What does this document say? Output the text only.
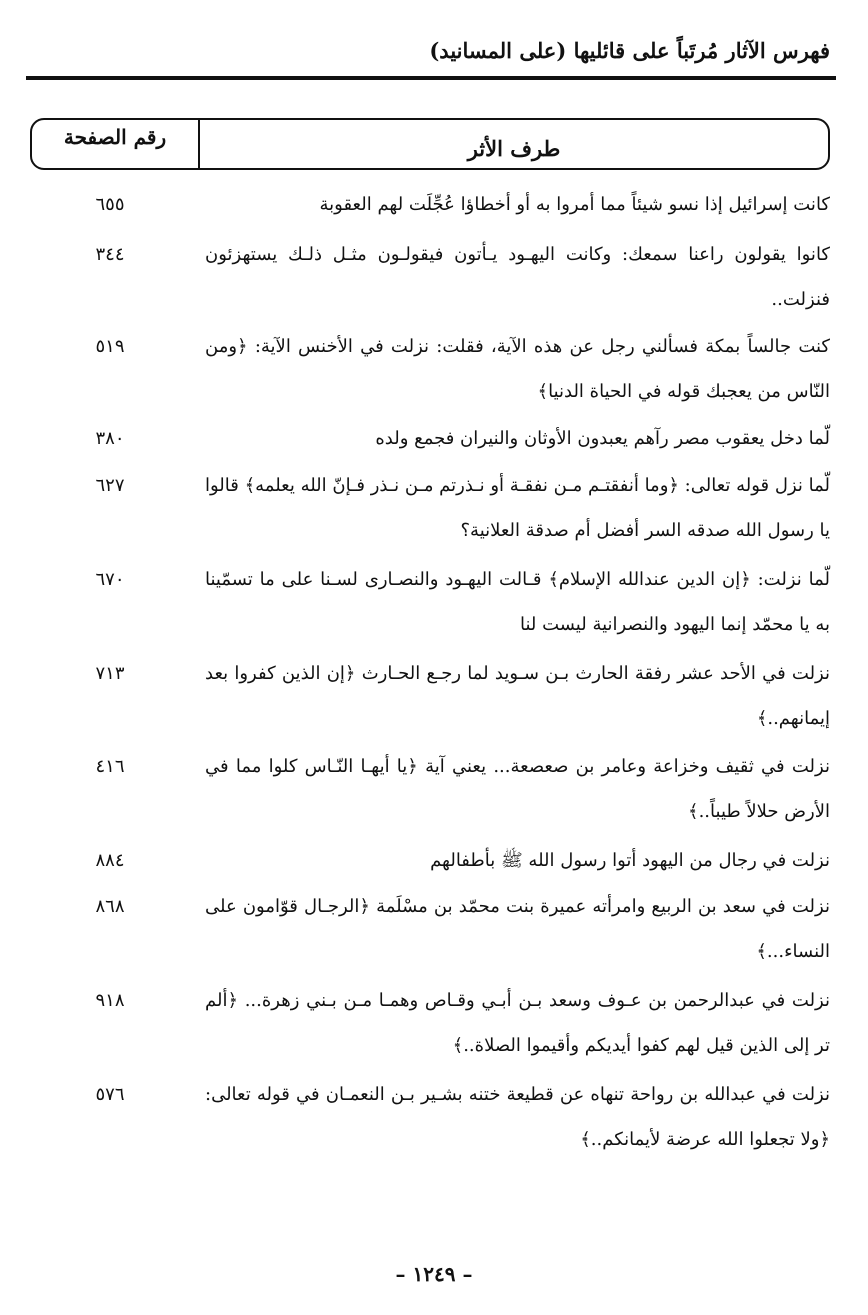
فهرس الآثار مُرتَباً على قائليها (على المسانيد)
رقم الصفحة	طرف الأثر
كانت إسرائيل إذا نسو شيئاً مما أمروا به أو أخطاؤا عُجِّلَت لهم العقوبة
٦٥٥
كانوا يقولون راعنا سمعك: وكانت اليهـود يـأتون فيقولـون مثـل ذلـك يستهزئون فنزلت..
٣٤٤
كنت جالساً بمكة فسألني رجل عن هذه الآية، فقلت: نزلت في الأخنس الآية: ﴿ومن النّاس من يعجبك قوله في الحياة الدنيا﴾
٥١٩
لّما دخل يعقوب مصر رآهم يعبدون الأوثان والنيران فجمع ولده
٣٨٠
لّما نزل قوله تعالى: ﴿وما أنفقتـم مـن نفقـة أو نـذرتم مـن نـذر فـإنّ الله يعلمه﴾ قالوا يا رسول الله صدقه السر أفضل أم صدقة العلانية؟
٦٢٧
لّما نزلت: ﴿إن الدين عندالله الإسلام﴾ قـالت اليهـود والنصـارى لسـنا على ما تسمّينا به يا محمّد إنما اليهود والنصرانية ليست لنا
٦٧٠
نزلت في الأحد عشر رفقة الحارث بـن سـويد لما رجـع الحـارث ﴿إن الذين كفروا بعد إيمانهم..﴾
٧١٣
نزلت في ثقيف وخزاعة وعامر بن صعصعة... يعني آية ﴿يا أيهـا النّـاس كلوا مما في الأرض حلالاً طيباً..﴾
٤١٦
نزلت في رجال من اليهود أتوا رسول الله ﷺ بأطفالهم
٨٨٤
نزلت في سعد بن الربيع وامرأته عميرة بنت محمّد بن مسْلَمة ﴿الرجـال قوّامون على النساء...﴾
٨٦٨
نزلت في عبدالرحمن بن عـوف وسعد بـن أبـي وقـاص وهمـا مـن بـني زهرة... ﴿ألم تر إلى الذين قيل لهم كفوا أيديكم وأقيموا الصلاة..﴾
٩١٨
نزلت في عبدالله بن رواحة تنهاه عن قطيعة ختنه بشـير بـن النعمـان في قوله تعالى: ﴿ولا تجعلوا الله عرضة لأيمانكم..﴾
٥٧٦
– ١٢٤٩ –
